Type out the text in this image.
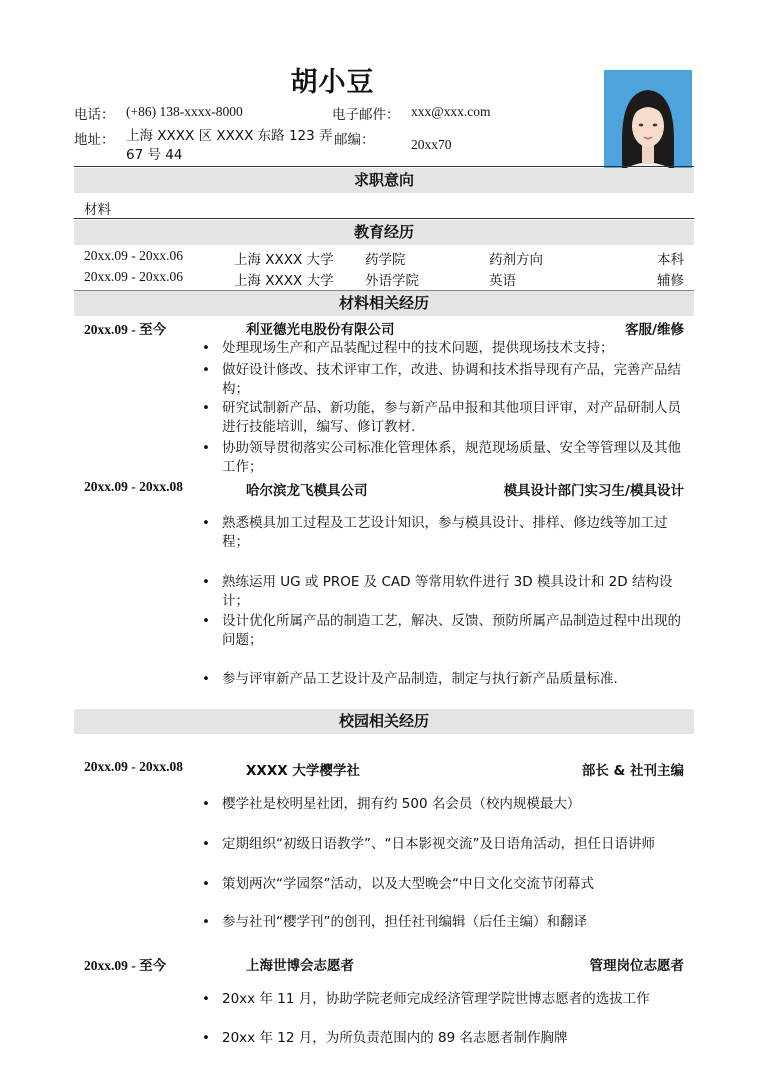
胡小豆
电话： (+86) 138-xxxx-8000	电子邮件： xxx@xxx.com
地址： 上海 XXXX 区 XXXX 东路 123 弄 67 号 44
邮编：	20xx70
求职意向
材料
教育经历
20xx.09 - 20xx.06	上海 XXXX 大学 药学院	药剂方向	本科
20xx.09 - 20xx.06	上海 XXXX 大学 外语学院	英语	辅修
材料相关经历
20xx.09 - 至今	利亚德光电股份有限公司	客服/维修
• 处理现场生产和产品装配过程中的技术问题，提供现场技术支持；
• 做好设计修改、技术评审工作，改进、协调和技术指导现有产品，完善产品结构；
• 研究试制新产品、新功能，参与新产品申报和其他项目评审，对产品研制人员进行技能培训，编写、修订教材.
• 协助领导贯彻落实公司标准化管理体系，规范现场质量、安全等管理以及其他工作；
20xx.09 - 20xx.08	哈尔滨龙飞模具公司	模具设计部门实习生/模具设计
• 熟悉模具加工过程及工艺设计知识，参与模具设计、排样、修边线等加工过程；
• 熟练运用 UG 或 PROE 及 CAD 等常用软件进行 3D 模具设计和 2D 结构设计；
• 设计优化所属产品的制造工艺，解决、反馈、预防所属产品制造过程中出现的问题；
• 参与评审新产品工艺设计及产品制造，制定与执行新产品质量标准.
校园相关经历
20xx.09 - 20xx.08	XXXX 大学樱学社	部长 & 社刊主编
• 樱学社是校明星社团，拥有约 500 名会员（校内规模最大）
• 定期组织“初级日语教学”、“日本影视交流”及日语角活动，担任日语讲师
• 策划两次“学园祭”活动，以及大型晚会“中日文化交流节闭幕式
• 参与社刊“樱学刊”的创刊，担任社刊编辑（后任主编）和翻译
20xx.09 - 至今	上海世博会志愿者	管理岗位志愿者
• 20xx 年 11 月，协助学院老师完成经济管理学院世博志愿者的选拔工作
• 20xx 年 12 月，为所负责范围内的 89 名志愿者制作胸牌
